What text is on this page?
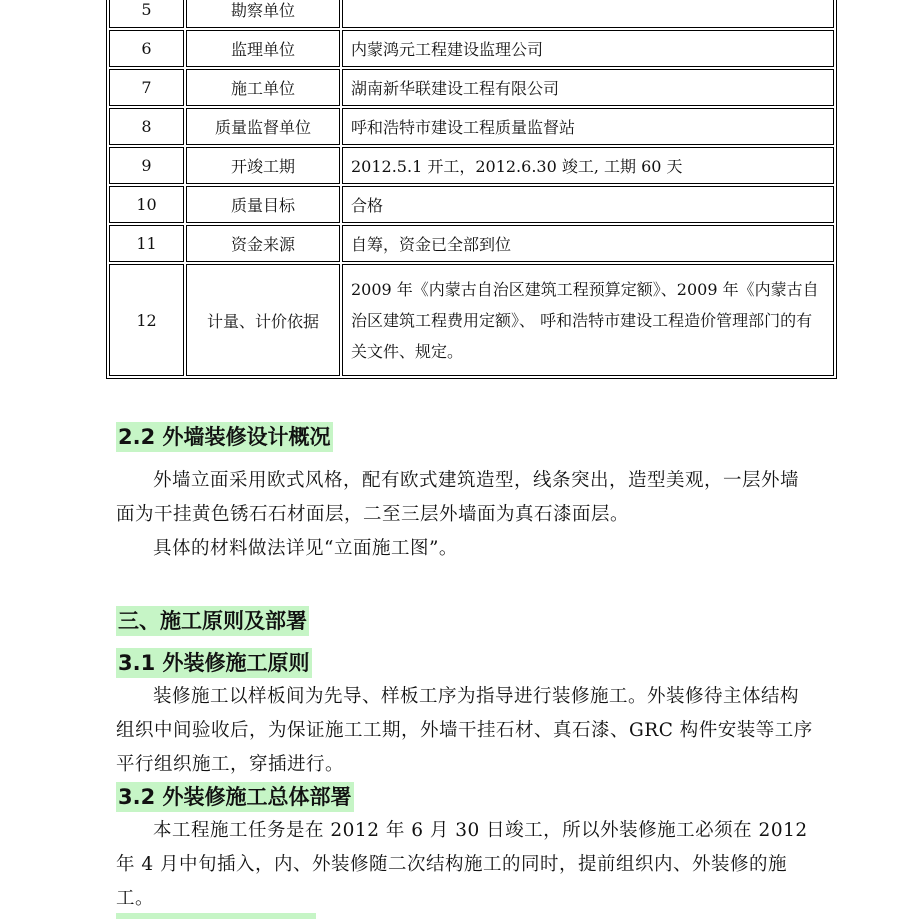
5	勘察单位	
6	监理单位	内蒙鸿元工程建设监理公司
7	施工单位	湖南新华联建设工程有限公司
8	质量监督单位	呼和浩特市建设工程质量监督站
9	开竣工期	2012.5.1 开工，2012.6.30 竣工, 工期 60 天
10	质量目标	合格
11	资金来源	自筹，资金已全部到位
12	计量、计价依据	2009 年《内蒙古自治区建筑工程预算定额》、2009 年《内蒙古自治区建筑工程费用定额》、 呼和浩特市建设工程造价管理部门的有关文件、规定。
2.2 外墙装修设计概况

外墙立面采用欧式风格，配有欧式建筑造型，线条突出，造型美观，一层外墙面为干挂黄色锈石石材面层，二至三层外墙面为真石漆面层。

具体的材料做法详见“立面施工图”。

三、施工原则及部署
3.1 外装修施工原则

装修施工以样板间为先导、样板工序为指导进行装修施工。外装修待主体结构组织中间验收后，为保证施工工期，外墙干挂石材、真石漆、GRC 构件安装等工序平行组织施工，穿插进行。

3.2 外装修施工总体部署

本工程施工任务是在 2012 年 6 月 30 日竣工，所以外装修施工必须在 2012 年 4 月中旬插入，内、外装修随二次结构施工的同时，提前组织内、外装修的施工。
